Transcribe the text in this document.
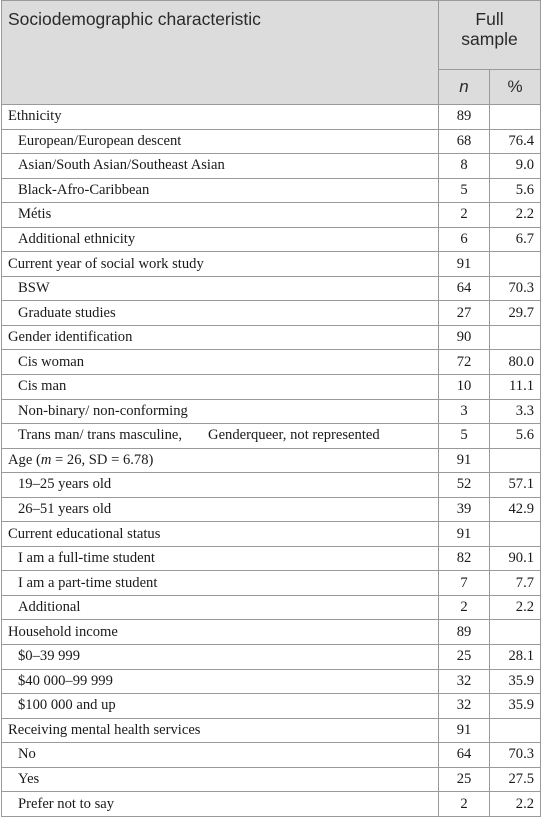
Sociodemographic characteristic	Full
sample	
	n	%
Ethnicity	89	
European/European descent	68	76.4
Asian/South Asian/Southeast Asian	8	9.0
Black-Afro-Caribbean	5	5.6
Métis	2	2.2
Additional ethnicity	6	6.7
Current year of social work study	91	
BSW	64	70.3
Graduate studies	27	29.7
Gender identification	90	
Cis woman	72	80.0
Cis man	10	11.1
Non-binary/ non-conforming	3	3.3
Trans man/ trans masculine, Genderqueer, not represented	5	5.6
Age (m = 26, SD = 6.78)	91	
19–25 years old	52	57.1
26–51 years old	39	42.9
Current educational status	91	
I am a full-time student	82	90.1
I am a part-time student	7	7.7
Additional	2	2.2
Household income	89	
$0–39 999	25	28.1
$40 000–99 999	32	35.9
$100 000 and up	32	35.9
Receiving mental health services	91	
No	64	70.3
Yes	25	27.5
Prefer not to say	2	2.2
